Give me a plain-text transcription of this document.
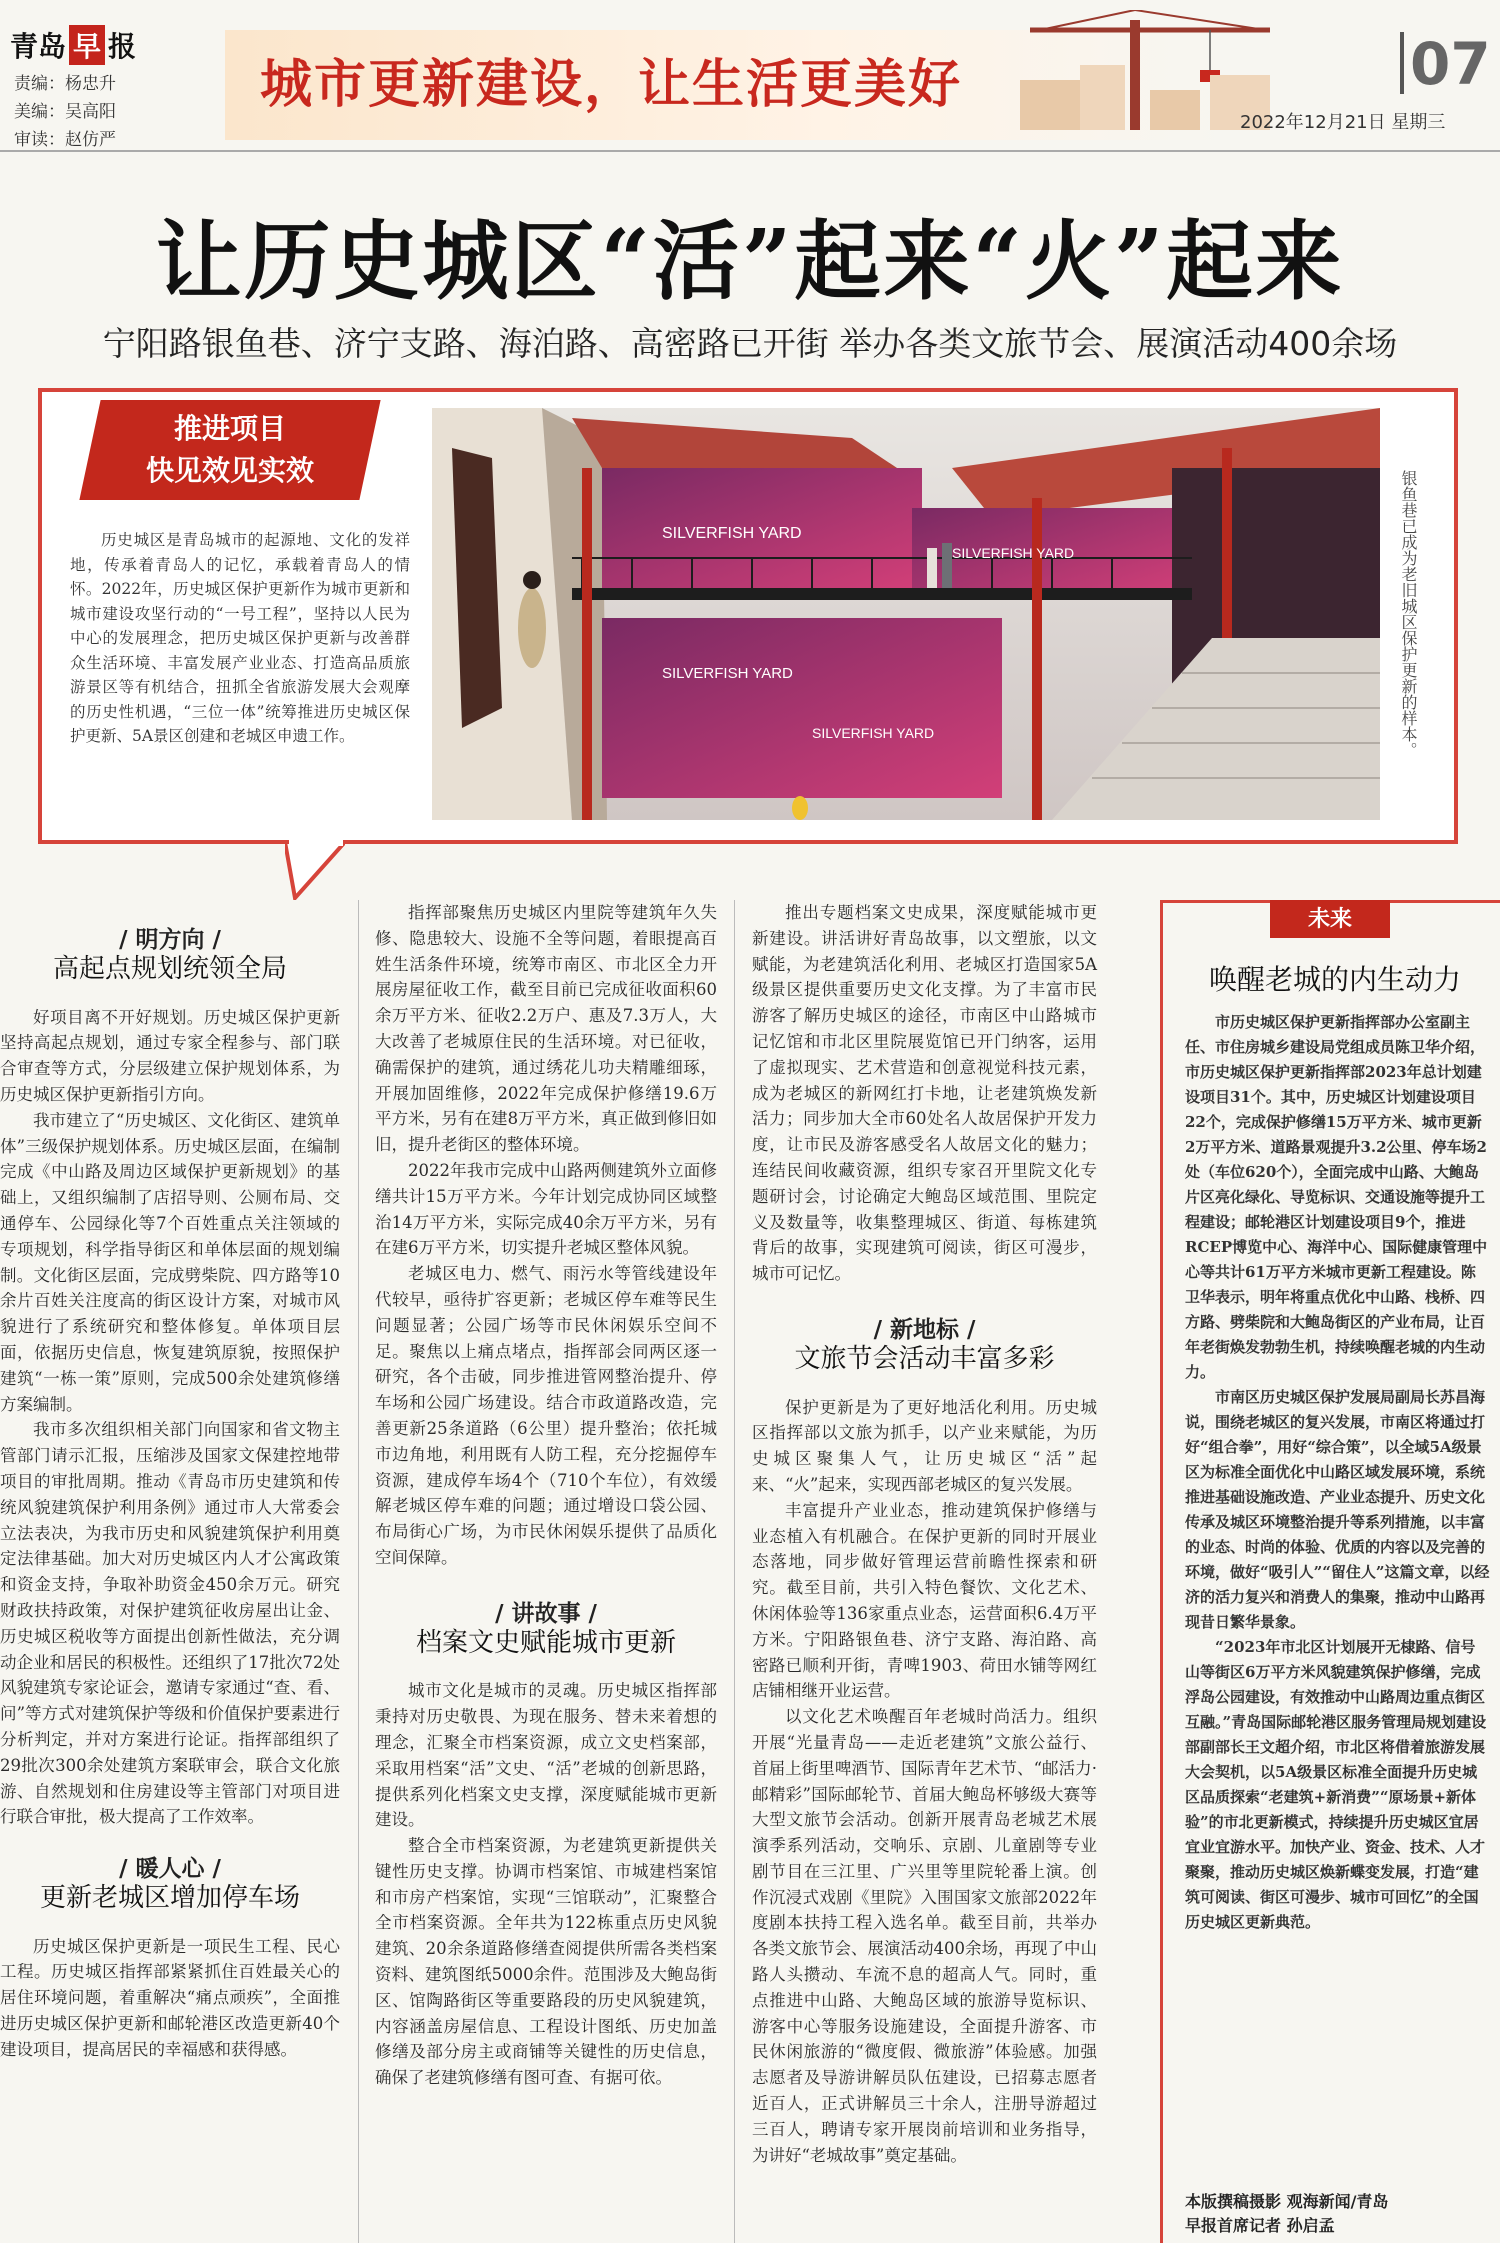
青岛 早 报
责编：杨忠升
美编：吴高阳
审读：赵仿严
城市更新建设，让生活更美好	07
2022年12月21日 星期三
让历史城区“活”起来“火”起来
宁阳路银鱼巷、济宁支路、海泊路、高密路已开街 举办各类文旅节会、展演活动400余场
推进项目
快见效见实效
历史城区是青岛城市的起源地、文化的发祥地，传承着青岛人的记忆，承载着青岛人的情怀。2022年，历史城区保护更新作为城市更新和城市建设攻坚行动的“一号工程”，坚持以人民为中心的发展理念，把历史城区保护更新与改善群众生活环境、丰富发展产业业态、打造高品质旅游景区等有机结合，扭抓全省旅游发展大会观摩的历史性机遇，“三位一体”统筹推进历史城区保护更新、5A景区创建和老城区申遗工作。
SILVERFISH YARD
SILVERFISH YARD
SILVERFISH YARD
SILVERFISH YARD	银鱼巷已成为老旧城区保护更新的样本。
/ 明方向 /
高起点规划统领全局

好项目离不开好规划。历史城区保护更新坚持高起点规划，通过专家全程参与、部门联合审查等方式，分层级建立保护规划体系，为历史城区保护更新指引方向。

我市建立了“历史城区、文化街区、建筑单体”三级保护规划体系。历史城区层面，在编制完成《中山路及周边区域保护更新规划》的基础上，又组织编制了店招导则、公厕布局、交通停车、公园绿化等7个百姓重点关注领域的专项规划，科学指导街区和单体层面的规划编制。文化街区层面，完成劈柴院、四方路等10余片百姓关注度高的街区设计方案，对城市风貌进行了系统研究和整体修复。单体项目层面，依据历史信息，恢复建筑原貌，按照保护建筑“一栋一策”原则，完成500余处建筑修缮方案编制。

我市多次组织相关部门向国家和省文物主管部门请示汇报，压缩涉及国家文保建控地带项目的审批周期。推动《青岛市历史建筑和传统风貌建筑保护利用条例》通过市人大常委会立法表决，为我市历史和风貌建筑保护利用奠定法律基础。加大对历史城区内人才公寓政策和资金支持，争取补助资金450余万元。研究财政扶持政策，对保护建筑征收房屋出让金、历史城区税收等方面提出创新性做法，充分调动企业和居民的积极性。还组织了17批次72处风貌建筑专家论证会，邀请专家通过“查、看、问”等方式对建筑保护等级和价值保护要素进行分析判定，并对方案进行论证。指挥部组织了29批次300余处建筑方案联审会，联合文化旅游、自然规划和住房建设等主管部门对项目进行联合审批，极大提高了工作效率。

/ 暖人心 /
更新老城区增加停车场

历史城区保护更新是一项民生工程、民心工程。历史城区指挥部紧紧抓住百姓最关心的居住环境问题，着重解决“痛点顽疾”，全面推进历史城区保护更新和邮轮港区改造更新40个建设项目，提高居民的幸福感和获得感。

指挥部聚焦历史城区内里院等建筑年久失修、隐患较大、设施不全等问题，着眼提高百姓生活条件环境，统筹市南区、市北区全力开展房屋征收工作，截至目前已完成征收面积60余万平方米、征收2.2万户、惠及7.3万人，大大改善了老城原住民的生活环境。对已征收，确需保护的建筑，通过绣花儿功夫精雕细琢，开展加固维修，2022年完成保护修缮19.6万平方米，另有在建8万平方米，真正做到修旧如旧，提升老街区的整体环境。

2022年我市完成中山路两侧建筑外立面修缮共计15万平方米。今年计划完成协同区域整治14万平方米，实际完成40余万平方米，另有在建6万平方米，切实提升老城区整体风貌。

老城区电力、燃气、雨污水等管线建设年代较早，亟待扩容更新；老城区停车难等民生问题显著；公园广场等市民休闲娱乐空间不足。聚焦以上痛点堵点，指挥部会同两区逐一研究，各个击破，同步推进管网整治提升、停车场和公园广场建设。结合市政道路改造，完善更新25条道路（6公里）提升整治；依托城市边角地，利用既有人防工程，充分挖掘停车资源，建成停车场4个（710个车位），有效缓解老城区停车难的问题；通过增设口袋公园、布局街心广场，为市民休闲娱乐提供了品质化空间保障。

/ 讲故事 /
档案文史赋能城市更新

城市文化是城市的灵魂。历史城区指挥部秉持对历史敬畏、为现在服务、替未来着想的理念，汇聚全市档案资源，成立文史档案部，采取用档案“活”文史、“活”老城的创新思路，提供系列化档案文史支撑，深度赋能城市更新建设。

整合全市档案资源，为老建筑更新提供关键性历史支撑。协调市档案馆、市城建档案馆和市房产档案馆，实现“三馆联动”，汇聚整合全市档案资源。全年共为122栋重点历史风貌建筑、20余条道路修缮查阅提供所需各类档案资料、建筑图纸5000余件。范围涉及大鲍岛街区、馆陶路街区等重要路段的历史风貌建筑，内容涵盖房屋信息、工程设计图纸、历史加盖修缮及部分房主或商铺等关键性的历史信息，确保了老建筑修缮有图可查、有据可依。

推出专题档案文史成果，深度赋能城市更新建设。讲活讲好青岛故事，以文塑旅，以文赋能，为老建筑活化利用、老城区打造国家5A级景区提供重要历史文化支撑。为了丰富市民游客了解历史城区的途径，市南区中山路城市记忆馆和市北区里院展览馆已开门纳客，运用了虚拟现实、艺术营造和创意视觉科技元素，成为老城区的新网红打卡地，让老建筑焕发新活力；同步加大全市60处名人故居保护开发力度，让市民及游客感受名人故居文化的魅力；连结民间收藏资源，组织专家召开里院文化专题研讨会，讨论确定大鲍岛区域范围、里院定义及数量等，收集整理城区、街道、每栋建筑背后的故事，实现建筑可阅读，街区可漫步，城市可记忆。

/ 新地标 /
文旅节会活动丰富多彩

保护更新是为了更好地活化利用。历史城区指挥部以文旅为抓手，以产业来赋能，为历史城区聚集人气，让历史城区“活”起来、“火”起来，实现西部老城区的复兴发展。

丰富提升产业业态，推动建筑保护修缮与业态植入有机融合。在保护更新的同时开展业态落地，同步做好管理运营前瞻性探索和研究。截至目前，共引入特色餐饮、文化艺术、休闲体验等136家重点业态，运营面积6.4万平方米。宁阳路银鱼巷、济宁支路、海泊路、高密路已顺利开街，青啤1903、荷田水铺等网红店铺相继开业运营。

以文化艺术唤醒百年老城时尚活力。组织开展“光量青岛——走近老建筑”文旅公益行、首届上街里啤酒节、国际青年艺术节、“邮活力·邮精彩”国际邮轮节、首届大鲍岛杯够级大赛等大型文旅节会活动。创新开展青岛老城艺术展演季系列活动，交响乐、京剧、儿童剧等专业剧节目在三江里、广兴里等里院轮番上演。创作沉浸式戏剧《里院》入围国家文旅部2022年度剧本扶持工程入选名单。截至目前，共举办各类文旅节会、展演活动400余场，再现了中山路人头攒动、车流不息的超高人气。同时，重点推进中山路、大鲍岛区域的旅游导览标识、游客中心等服务设施建设，全面提升游客、市民休闲旅游的“微度假、微旅游”体验感。加强志愿者及导游讲解员队伍建设，已招募志愿者近百人，正式讲解员三十余人，注册导游超过三百人，聘请专家开展岗前培训和业务指导，为讲好“老城故事”奠定基础。

未来
唤醒老城的内生动力

市历史城区保护更新指挥部办公室副主任、市住房城乡建设局党组成员陈卫华介绍，市历史城区保护更新指挥部2023年总计划建设项目31个。其中，历史城区计划建设项目22个，完成保护修缮15万平方米、城市更新2万平方米、道路景观提升3.2公里、停车场2处（车位620个），全面完成中山路、大鲍岛片区亮化绿化、导览标识、交通设施等提升工程建设；邮轮港区计划建设项目9个，推进RCEP博览中心、海洋中心、国际健康管理中心等共计61万平方米城市更新工程建设。陈卫华表示，明年将重点优化中山路、栈桥、四方路、劈柴院和大鲍岛街区的产业布局，让百年老街焕发勃勃生机，持续唤醒老城的内生动力。

市南区历史城区保护发展局副局长苏昌海说，围绕老城区的复兴发展，市南区将通过打好“组合拳”，用好“综合策”，以全域5A级景区为标准全面优化中山路区域发展环境，系统推进基础设施改造、产业业态提升、历史文化传承及城区环境整治提升等系列措施，以丰富的业态、时尚的体验、优质的内容以及完善的环境，做好“吸引人”“留住人”这篇文章，以经济的活力复兴和消费人的集聚，推动中山路再现昔日繁华景象。

“2023年市北区计划展开无棣路、信号山等街区6万平方米风貌建筑保护修缮，完成浮岛公园建设，有效推动中山路周边重点街区互融。”青岛国际邮轮港区服务管理局规划建设部副部长王文超介绍，市北区将借着旅游发展大会契机，以5A级景区标准全面提升历史城区品质探索“老建筑+新消费”“原场景+新体验”的市北更新模式，持续提升历史城区宜居宜业宜游水平。加快产业、资金、技术、人才聚聚，推动历史城区焕新蝶变发展，打造“建筑可阅读、街区可漫步、城市可回忆”的全国历史城区更新典范。

本版撰稿摄影 观海新闻/青岛
早报首席记者 孙启孟
